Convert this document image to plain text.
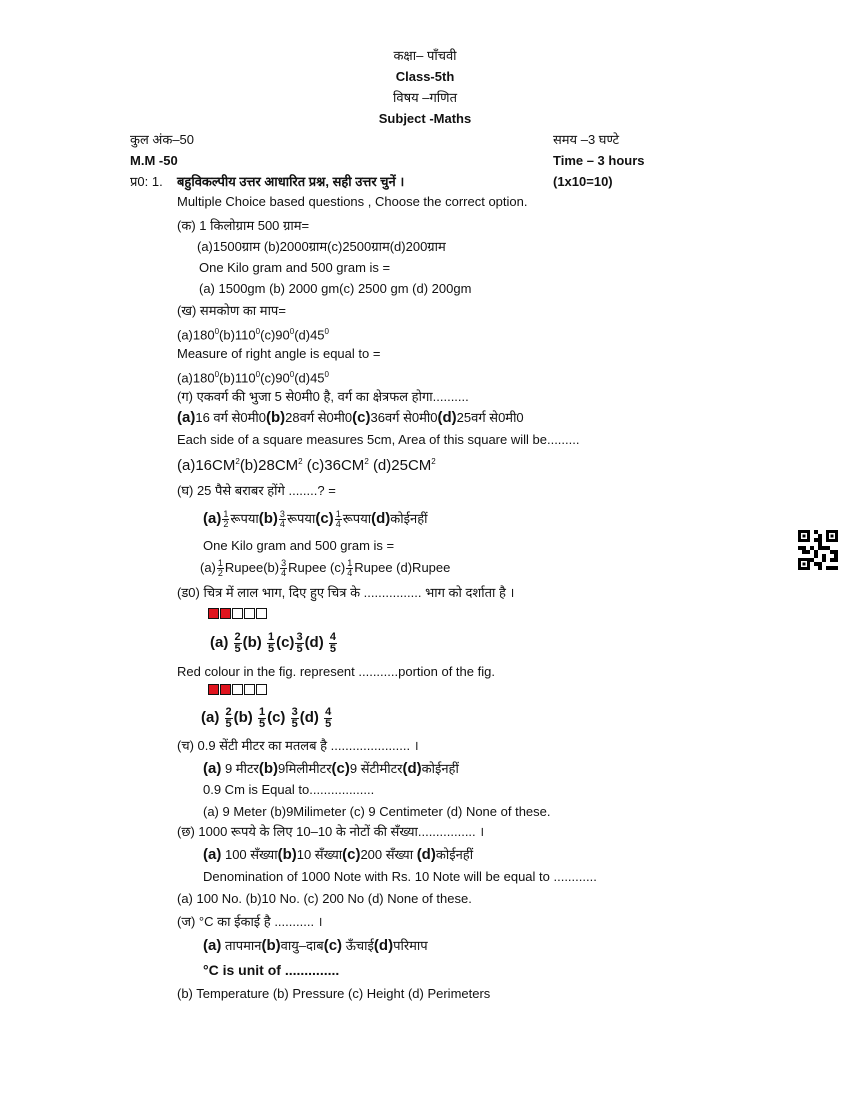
कक्षा– पाँचवी
Class-5th
विषय –गणित
Subject -Maths
कुल अंक–50	समय –3 घण्टे
M.M -50	Time – 3 hours
प्र0: 1. बहुविकल्पीय उत्तर आधारित प्रश्न, सही उत्तर चुनें ।	(1x10=10)
Multiple Choice based questions , Choose the correct option.
(क) 1 किलोग्राम 500 ग्राम=
(a)1500ग्राम (b)2000ग्राम(c)2500ग्राम(d)200ग्राम
One Kilo gram and 500 gram is =
(a) 1500gm (b) 2000 gm(c) 2500 gm (d) 200gm
(ख) समकोण का माप=
$(a)180^0(b)110^0(c)90^0(d)45^0$
Measure of right angle is equal to =
$(a)180^0(b)110^0(c)90^0(d)45^0$
(ग) एकवर्ग की भुजा 5 से0मी0 है, वर्ग का क्षेत्रफल होगा..........
(a)16 वर्ग से0मी0(b)28वर्ग से0मी0(c)36वर्ग से0मी0(d)25वर्ग से0मी0
Each side of a square measures 5cm, Area of this square will be.........
$(a)16CM^2(b)28CM^2$ $(c)36CM^2$ $(d)25CM^2$
(घ) 25 पैसे बराबर होंगे ........? =
$(a) \frac{1}{2}$ रूपया(b) $\frac{3}{4}$ रूपया(c) $\frac{1}{4}$ रूपया(d)कोईनहीं
One Kilo gram and 500 gram is =
$(a) \frac{1}{2}$ Rupee(b) $\frac{3}{4}$ Rupee $(c) \frac{1}{4}$ Rupee (d)Rupee
(ड0) चित्र में लाल भाग, दिए हुए चित्र के ................ भाग को दर्शाता है ।
$(a) \frac{2}{5} (b) \frac{1}{5} (c) \frac{3}{5} (d) \frac{4}{5}$
Red colour in the fig. represent ...........portion of the fig.
$(a) \frac{2}{5} (b) \frac{1}{5} (c) \frac{3}{5} (d) \frac{4}{5}$
(च) 0.9 सेंटी मीटर का मतलब है ...................... ।
(a) 9 मीटर(b)9मिलीमीटर(c)9 सेंटीमीटर(d)कोईनहीं
0.9 Cm is Equal to..................
(a) 9 Meter (b)9Milimeter (c) 9 Centimeter (d) None of these.
(छ) 1000 रूपये के लिए 10–10 के नोटों की सँख्या................ ।
(a) 100 सँख्या(b)10 सँख्या(c)200 सँख्या (d)कोईनहीं
Denomination of 1000 Note with Rs. 10 Note will be equal to ............
(a) 100 No. (b)10 No. (c) 200 No (d) None of these.
(ज) °C का ईकाई है ........... ।
(a) तापमान(b)वायु–दाब(c) ऊँचाई(d)परिमाप
°C is unit of ..............
(b) Temperature (b) Pressure (c) Height (d) Perimeters
